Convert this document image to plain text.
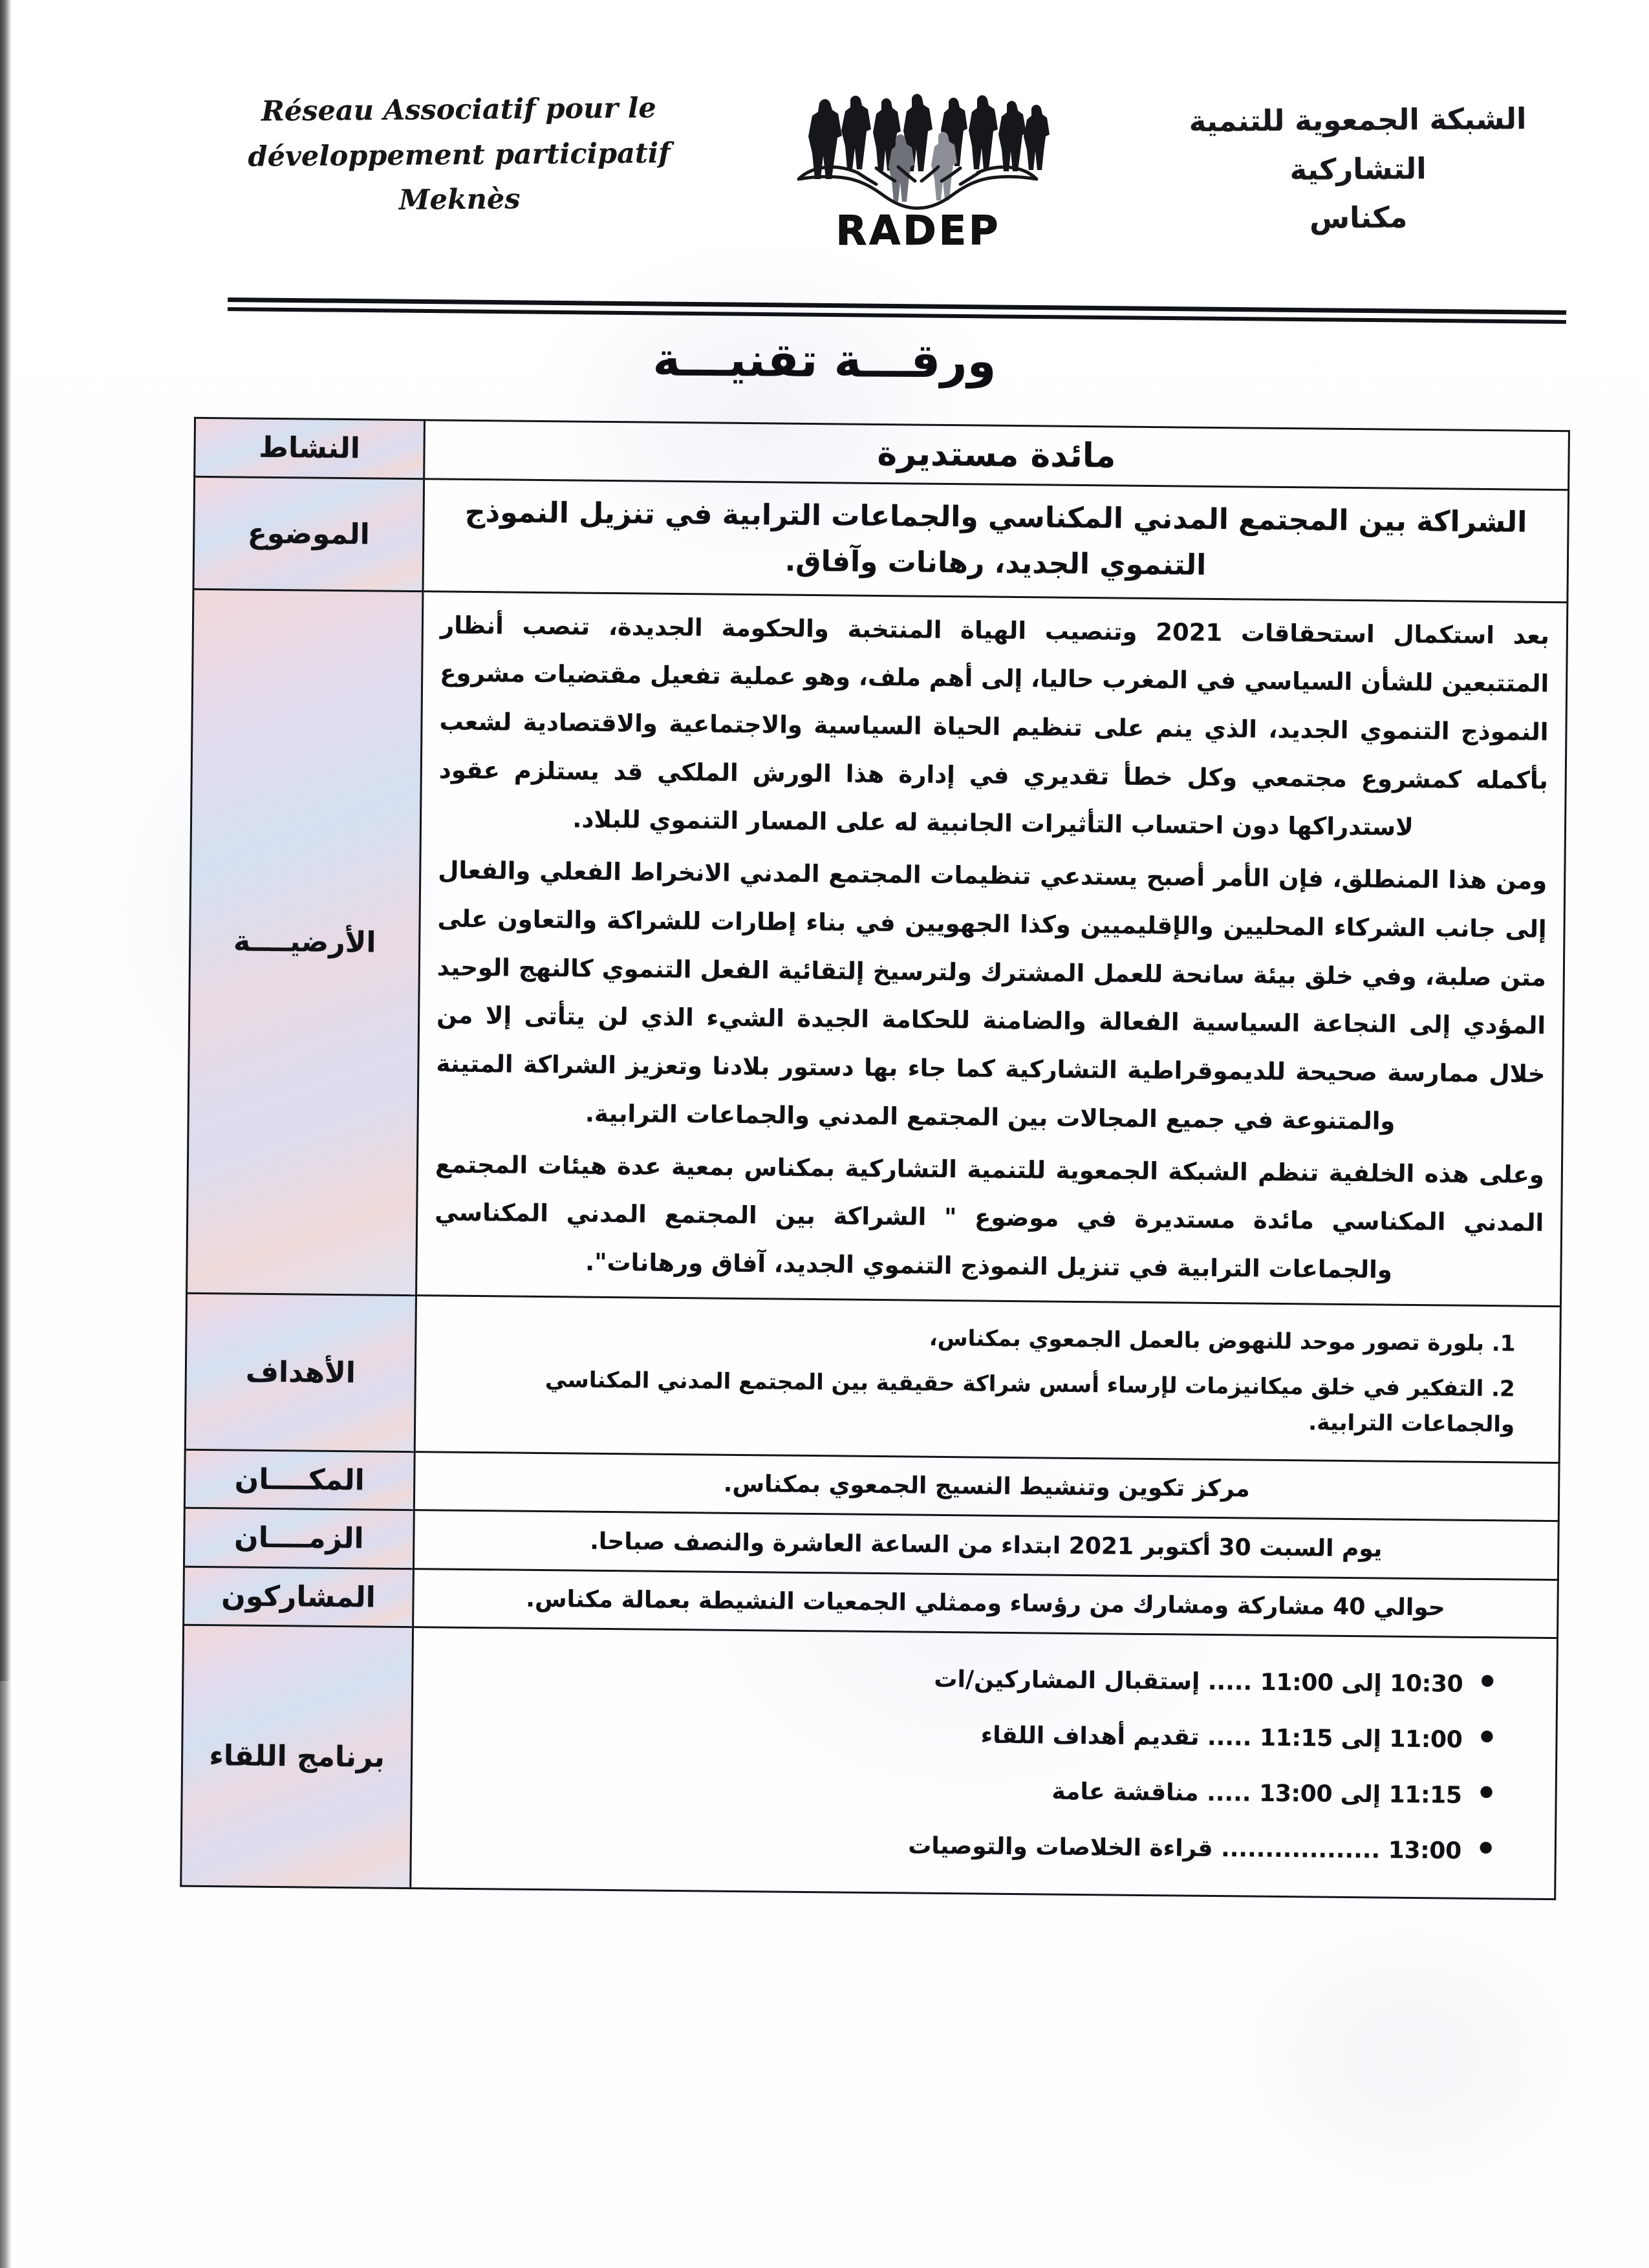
Réseau Associatif pour le
développement participatif
Meknès
RADEP
الشبكة الجمعوية للتنمية
التشاركية
مكناس
ورقـــة تقنيـــة
مائدة مستديرة	النشاط
الشراكة بين المجتمع المدني المكناسي والجماعات الترابية في تنزيل النموذج التنموي الجديد، رهانات وآفاق.	الموضوع

بعد استكمال استحقاقات 2021 وتنصيب الهياة المنتخبة والحكومة الجديدة، تنصب أنظار المتتبعين للشأن السياسي في المغرب حاليا، إلى أهم ملف، وهو عملية تفعيل مقتضيات مشروع النموذج التنموي الجديد، الذي ينم على تنظيم الحياة السياسية والاجتماعية والاقتصادية لشعب بأكمله كمشروع مجتمعي وكل خطأ تقديري في إدارة هذا الورش الملكي قد يستلزم عقود لاستدراكها دون احتساب التأثيرات الجانبية له على المسار التنموي للبلاد.

ومن هذا المنطلق، فإن الأمر أصبح يستدعي تنظيمات المجتمع المدني الانخراط الفعلي والفعال إلى جانب الشركاء المحليين والإقليميين وكذا الجهويين في بناء إطارات للشراكة والتعاون على متن صلبة، وفي خلق بيئة سانحة للعمل المشترك ولترسيخ إلتقائية الفعل التنموي كالنهج الوحيد المؤدي إلى النجاعة السياسية الفعالة والضامنة للحكامة الجيدة الشيء الذي لن يتأتى إلا من خلال ممارسة صحيحة للديموقراطية التشاركية كما جاء بها دستور بلادنا وتعزيز الشراكة المتينة والمتنوعة في جميع المجالات بين المجتمع المدني والجماعات الترابية.

وعلى هذه الخلفية تنظم الشبكة الجمعوية للتنمية التشاركية بمكناس بمعية عدة هيئات المجتمع المدني المكناسي مائدة مستديرة في موضوع " الشراكة بين المجتمع المدني المكناسي والجماعات الترابية في تنزيل النموذج التنموي الجديد، آفاق ورهانات".	الأرضيــــة

بلورة تصور موحد للنهوض بالعمل الجمعوي بمكناس،
التفكير في خلق ميكانيزمات لإرساء أسس شراكة حقيقية بين المجتمع المدني المكناسي والجماعات الترابية.
	الأهداف
مركز تكوين وتنشيط النسيج الجمعوي بمكناس.	المكــــان
يوم السبت 30 أكتوبر 2021 ابتداء من الساعة العاشرة والنصف صباحا.	الزمــــان
حوالي 40 مشاركة ومشارك من رؤساء وممثلي الجمعيات النشيطة بعمالة مكناس.	المشاركون

● 10:30 إلى 11:00 ..... إستقبال المشاركين/ات
● 11:00 إلى 11:15 ..... تقديم أهداف اللقاء
● 11:15 إلى 13:00 ..... مناقشة عامة
● 13:00 .................. قراءة الخلاصات والتوصيات
	برنامج اللقاء
